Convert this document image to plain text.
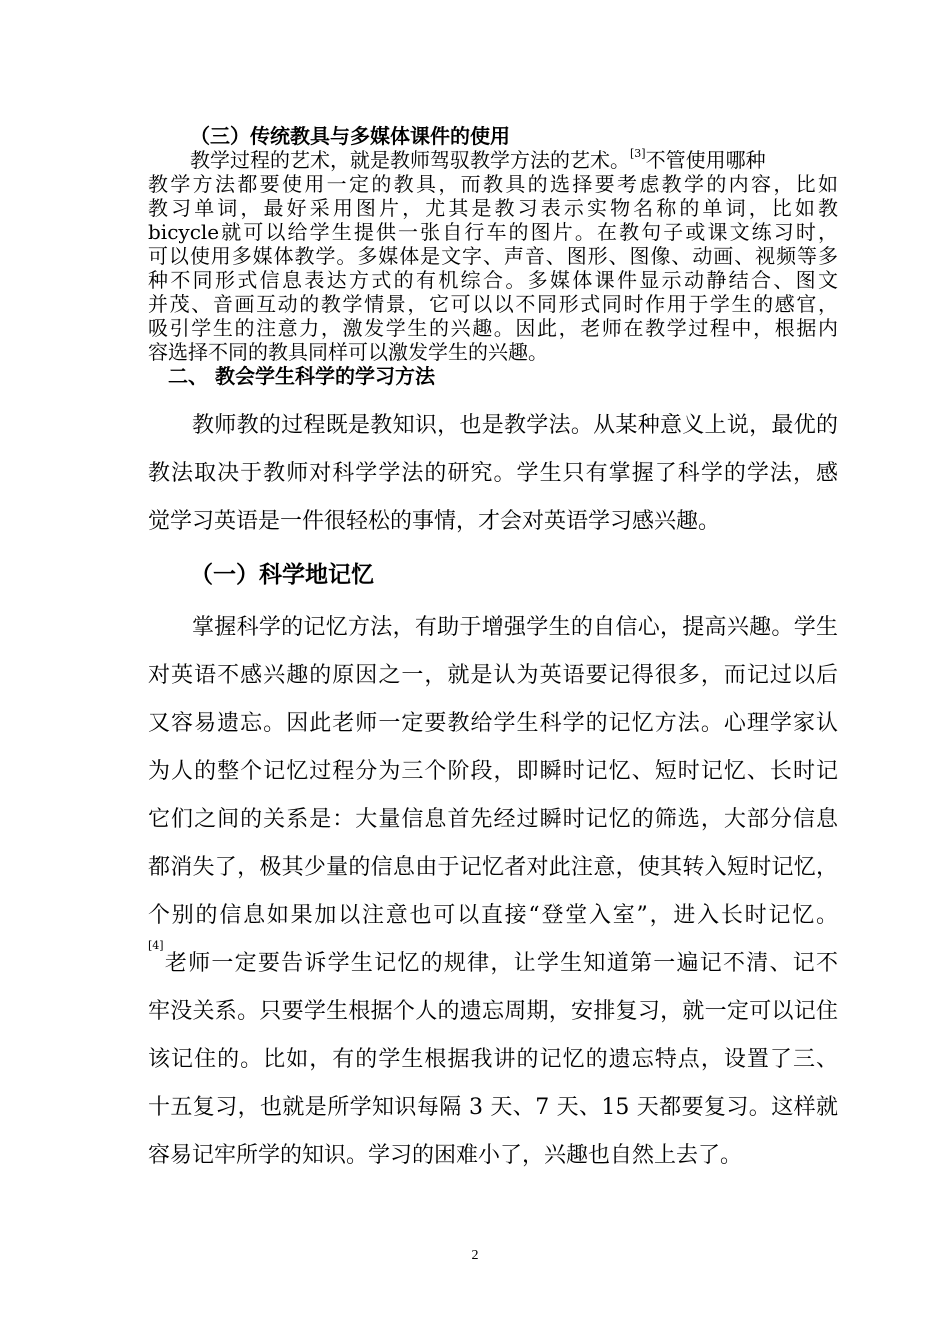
（三）传统教具与多媒体课件的使用
教学过程的艺术，就是教师驾驭教学方法的艺术。[3]不管使用哪种
教学方法都要使用一定的教具，而教具的选择要考虑教学的内容，比如
教习单词，最好采用图片，尤其是教习表示实物名称的单词，比如教
bicycle就可以给学生提供一张自行车的图片。在教句子或课文练习时，
可以使用多媒体教学。多媒体是文字、声音、图形、图像、动画、视频等多
种不同形式信息表达方式的有机综合。多媒体课件显示动静结合、图文
并茂、音画互动的教学情景，它可以以不同形式同时作用于学生的感官，
吸引学生的注意力，激发学生的兴趣。因此，老师在教学过程中，根据内
容选择不同的教具同样可以激发学生的兴趣。
二、 教会学生科学的学习方法
教师教的过程既是教知识，也是教学法。从某种意义上说，最优的
教法取决于教师对科学学法的研究。学生只有掌握了科学的学法，感
觉学习英语是一件很轻松的事情，才会对英语学习感兴趣。
（一）科学地记忆
掌握科学的记忆方法，有助于增强学生的自信心，提高兴趣。学生
对英语不感兴趣的原因之一，就是认为英语要记得很多，而记过以后
又容易遗忘。因此老师一定要教给学生科学的记忆方法。心理学家认
为人的整个记忆过程分为三个阶段，即瞬时记忆、短时记忆、长时记
它们之间的关系是：大量信息首先经过瞬时记忆的筛选，大部分信息
都消失了，极其少量的信息由于记忆者对此注意，使其转入短时记忆，
个别的信息如果加以注意也可以直接“登堂入室”，进入长时记忆。
[4]老师一定要告诉学生记忆的规律，让学生知道第一遍记不清、记不
牢没关系。只要学生根据个人的遗忘周期，安排复习，就一定可以记住
该记住的。比如，有的学生根据我讲的记忆的遗忘特点，设置了三、
十五复习，也就是所学知识每隔 3 天、7 天、15 天都要复习。这样就
容易记牢所学的知识。学习的困难小了，兴趣也自然上去了。
2
